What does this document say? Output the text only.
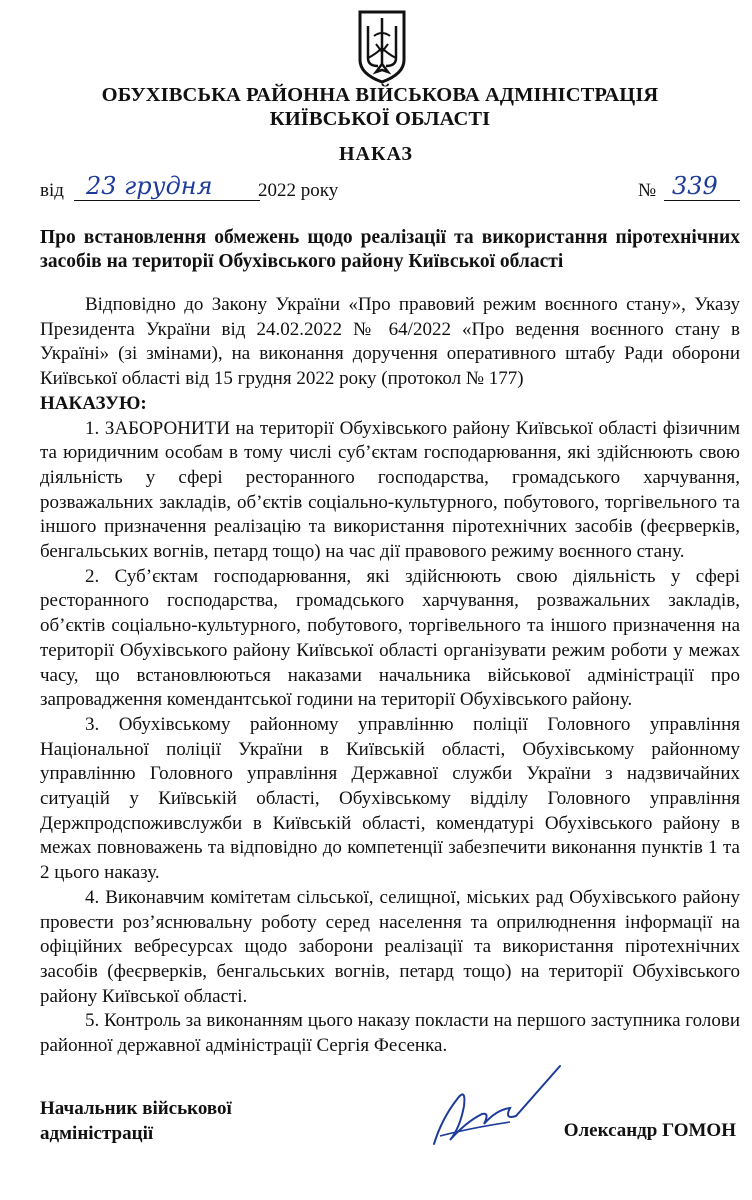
ОБУХІВСЬКА РАЙОННА ВІЙСЬКОВА АДМІНІСТРАЦІЯ
КИЇВСЬКОЇ ОБЛАСТІ
НАКАЗ
від 23 грудня 2022 року	№ 339
Про встановлення обмежень щодо реалізації та використання піротехнічних засобів на території Обухівського району Київської області

Відповідно до Закону України «Про правовий режим воєнного стану», Указу Президента України від 24.02.2022 № 64/2022 «Про ведення воєнного стану в Україні» (зі змінами), на виконання доручення оперативного штабу Ради оборони Київської області від 15 грудня 2022 року (протокол № 177)

НАКАЗУЮ:

1. ЗАБОРОНИТИ на території Обухівського району Київської області фізичним та юридичним особам в тому числі суб’єктам господарювання, які здійснюють свою діяльність у сфері ресторанного господарства, громадського харчування, розважальних закладів, об’єктів соціально-культурного, побутового, торгівельного та іншого призначення реалізацію та використання піротехнічних засобів (феєрверків, бенгальських вогнів, петард тощо) на час дії правового режиму воєнного стану.

2. Суб’єктам господарювання, які здійснюють свою діяльність у сфері ресторанного господарства, громадського харчування, розважальних закладів, об’єктів соціально-культурного, побутового, торгівельного та іншого призначення на території Обухівського району Київської області організувати режим роботи у межах часу, що встановлюються наказами начальника військової адміністрації про запровадження комендантської години на території Обухівського району.

3. Обухівському районному управлінню поліції Головного управління Національної поліції України в Київській області, Обухівському районному управлінню Головного управління Державної служби України з надзвичайних ситуацій у Київській області, Обухівському відділу Головного управління Держпродспоживслужби в Київській області, комендатурі Обухівського району в межах повноважень та відповідно до компетенції забезпечити виконання пунктів 1 та 2 цього наказу.

4. Виконавчим комітетам сільської, селищної, міських рад Обухівського району провести роз’яснювальну роботу серед населення та оприлюднення інформації на офіційних вебресурсах щодо заборони реалізації та використання піротехнічних засобів (феєрверків, бенгальських вогнів, петард тощо) на території Обухівського району Київської області.

5. Контроль за виконанням цього наказу покласти на першого заступника голови районної державної адміністрації Сергія Фесенка.

Начальник військової
адміністрації	Олександр ГОМОН
